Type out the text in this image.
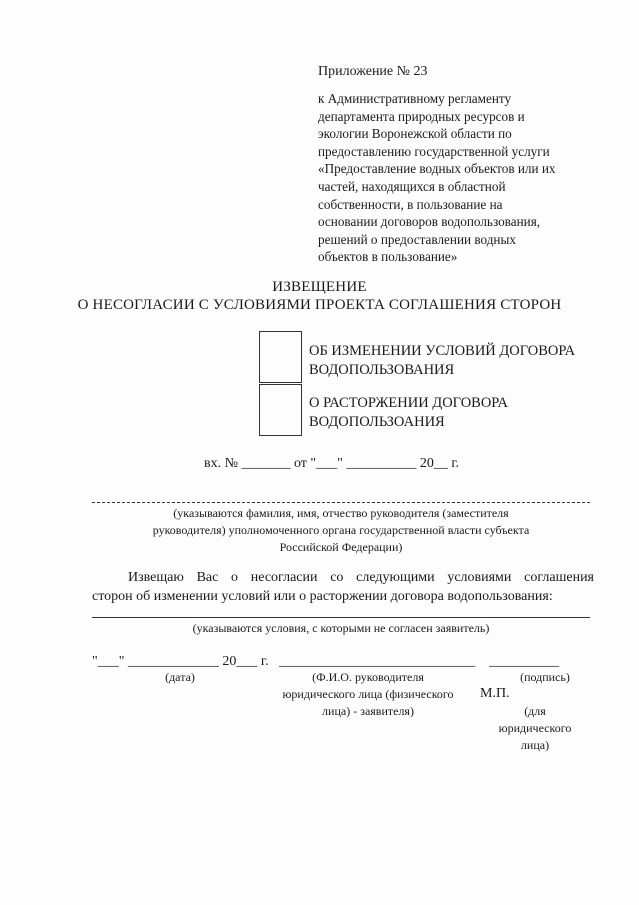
Приложение № 23
к Административному регламенту
департамента природных ресурсов и
экологии Воронежской области по
предоставлению государственной услуги
«Предоставление водных объектов или их
частей, находящихся в областной
собственности, в пользование на
основании договоров водопользования,
решений о предоставлении водных
объектов в пользование»
ИЗВЕЩЕНИЕ
О НЕСОГЛАСИИ С УСЛОВИЯМИ ПРОЕКТА СОГЛАШЕНИЯ СТОРОН
ОБ ИЗМЕНЕНИИ УСЛОВИЙ ДОГОВОРА
ВОДОПОЛЬЗОВАНИЯ
О РАСТОРЖЕНИИ ДОГОВОРА
ВОДОПОЛЬЗОАНИЯ
вх. № _______ от "___" __________ 20__ г.
(указываются фамилия, имя, отчество руководителя (заместителя
руководителя) уполномоченного органа государственной власти субъекта
Российской Федерации)
Извещаю Вас о несогласии со следующими условиями соглашения
сторон об изменении условий или о расторжении договора водопользования:
(указываются условия, с которыми не согласен заявитель)
"___" _____________ 20___ г.   ____________________________    __________
(дата)	(Ф.И.О. руководителя
юридического лица (физического
лица) - заявителя)
(подпись)
М.П.
(для
юридического
лица)
